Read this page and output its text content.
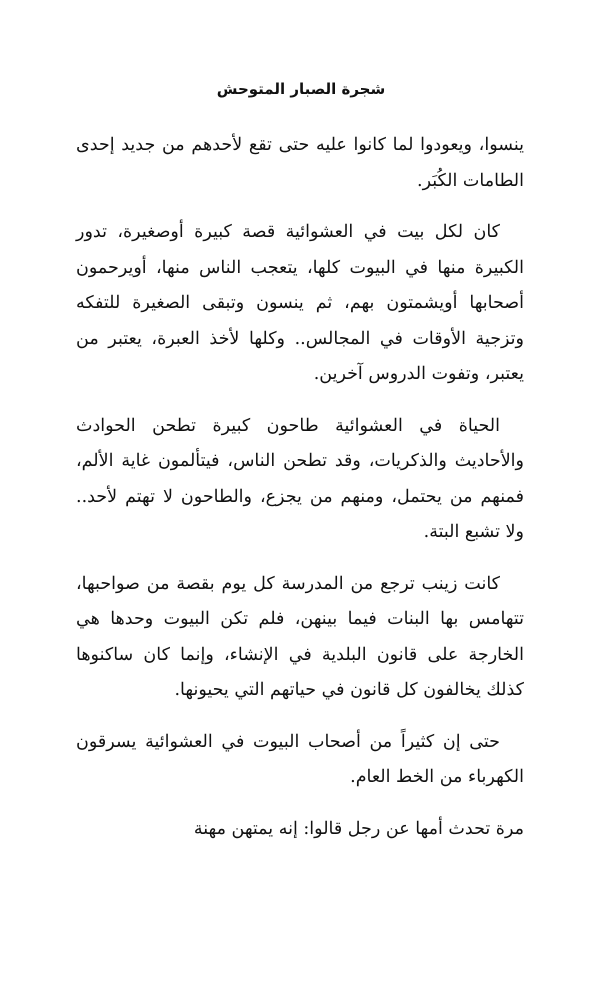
شجرة الصبار المتوحش

ينسوا، ويعودوا لما كانوا عليه حتى تقع لأحدهم من جديد إحدى الطامات الكُبَر.

كان لكل بيت في العشوائية قصة كبيرة أوصغيرة، تدور الكبيرة منها في البيوت كلها، يتعجب الناس منها، أويرحمون أصحابها أويشمتون بهم، ثم ينسون وتبقى الصغيرة للتفكه وتزجية الأوقات في المجالس.. وكلها لأخذ العبرة، يعتبر من يعتبر، وتفوت الدروس آخرين.

الحياة في العشوائية طاحون كبيرة تطحن الحوادث والأحاديث والذكريات، وقد تطحن الناس، فيتألمون غاية الألم، فمنهم من يحتمل، ومنهم من يجزع، والطاحون لا تهتم لأحد.. ولا تشبع البتة.

كانت زينب ترجع من المدرسة كل يوم بقصة من صواحبها، تتهامس بها البنات فيما بينهن، فلم تكن البيوت وحدها هي الخارجة على قانون البلدية في الإنشاء، وإنما كان ساكنوها كذلك يخالفون كل قانون في حياتهم التي يحيونها.

حتى إن كثيراً من أصحاب البيوت في العشوائية يسرقون الكهرباء من الخط العام.

مرة تحدث أمها عن رجل قالوا: إنه يمتهن مهنة
